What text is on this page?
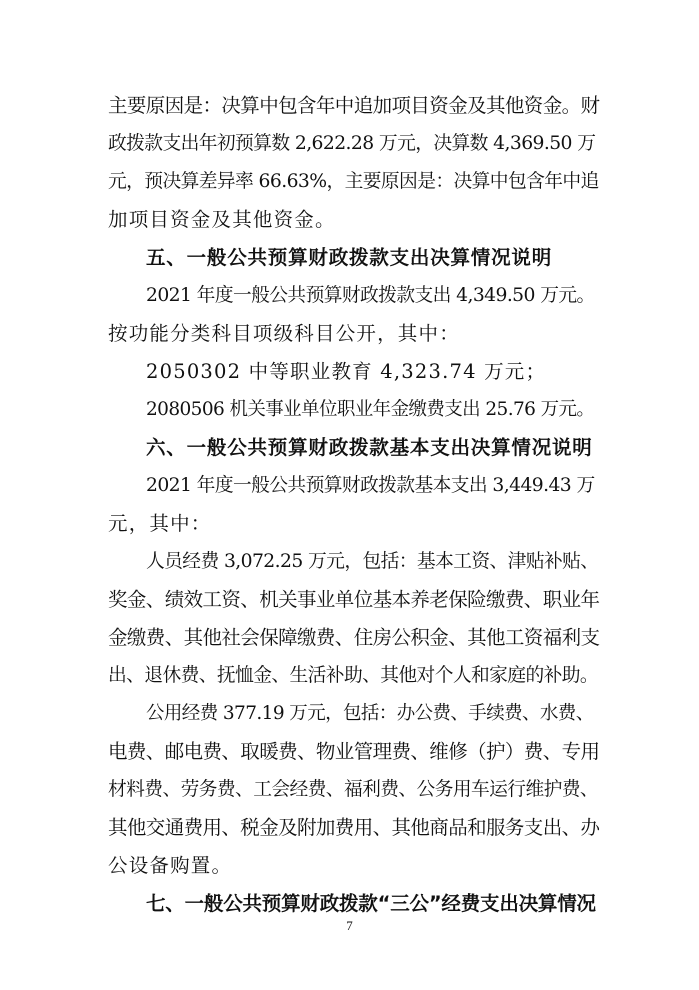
主要原因是：决算中包含年中追加项目资金及其他资金。财
政拨款支出年初预算数 2,622.28 万元，决算数 4,369.50 万
元，预决算差异率 66.63%，主要原因是：决算中包含年中追
加项目资金及其他资金。
五、一般公共预算财政拨款支出决算情况说明
2021 年度一般公共预算财政拨款支出 4,349.50 万元。
按功能分类科目项级科目公开，其中：
2050302 中等职业教育 4,323.74 万元；
2080506 机关事业单位职业年金缴费支出 25.76 万元。
六、一般公共预算财政拨款基本支出决算情况说明
2021 年度一般公共预算财政拨款基本支出 3,449.43 万
元，其中：
人员经费 3,072.25 万元，包括：基本工资、津贴补贴、
奖金、绩效工资、机关事业单位基本养老保险缴费、职业年
金缴费、其他社会保障缴费、住房公积金、其他工资福利支
出、退休费、抚恤金、生活补助、其他对个人和家庭的补助。
公用经费 377.19 万元，包括：办公费、手续费、水费、
电费、邮电费、取暖费、物业管理费、维修（护）费、专用
材料费、劳务费、工会经费、福利费、公务用车运行维护费、
其他交通费用、税金及附加费用、其他商品和服务支出、办
公设备购置。
七、一般公共预算财政拨款“三公”经费支出决算情况
7
